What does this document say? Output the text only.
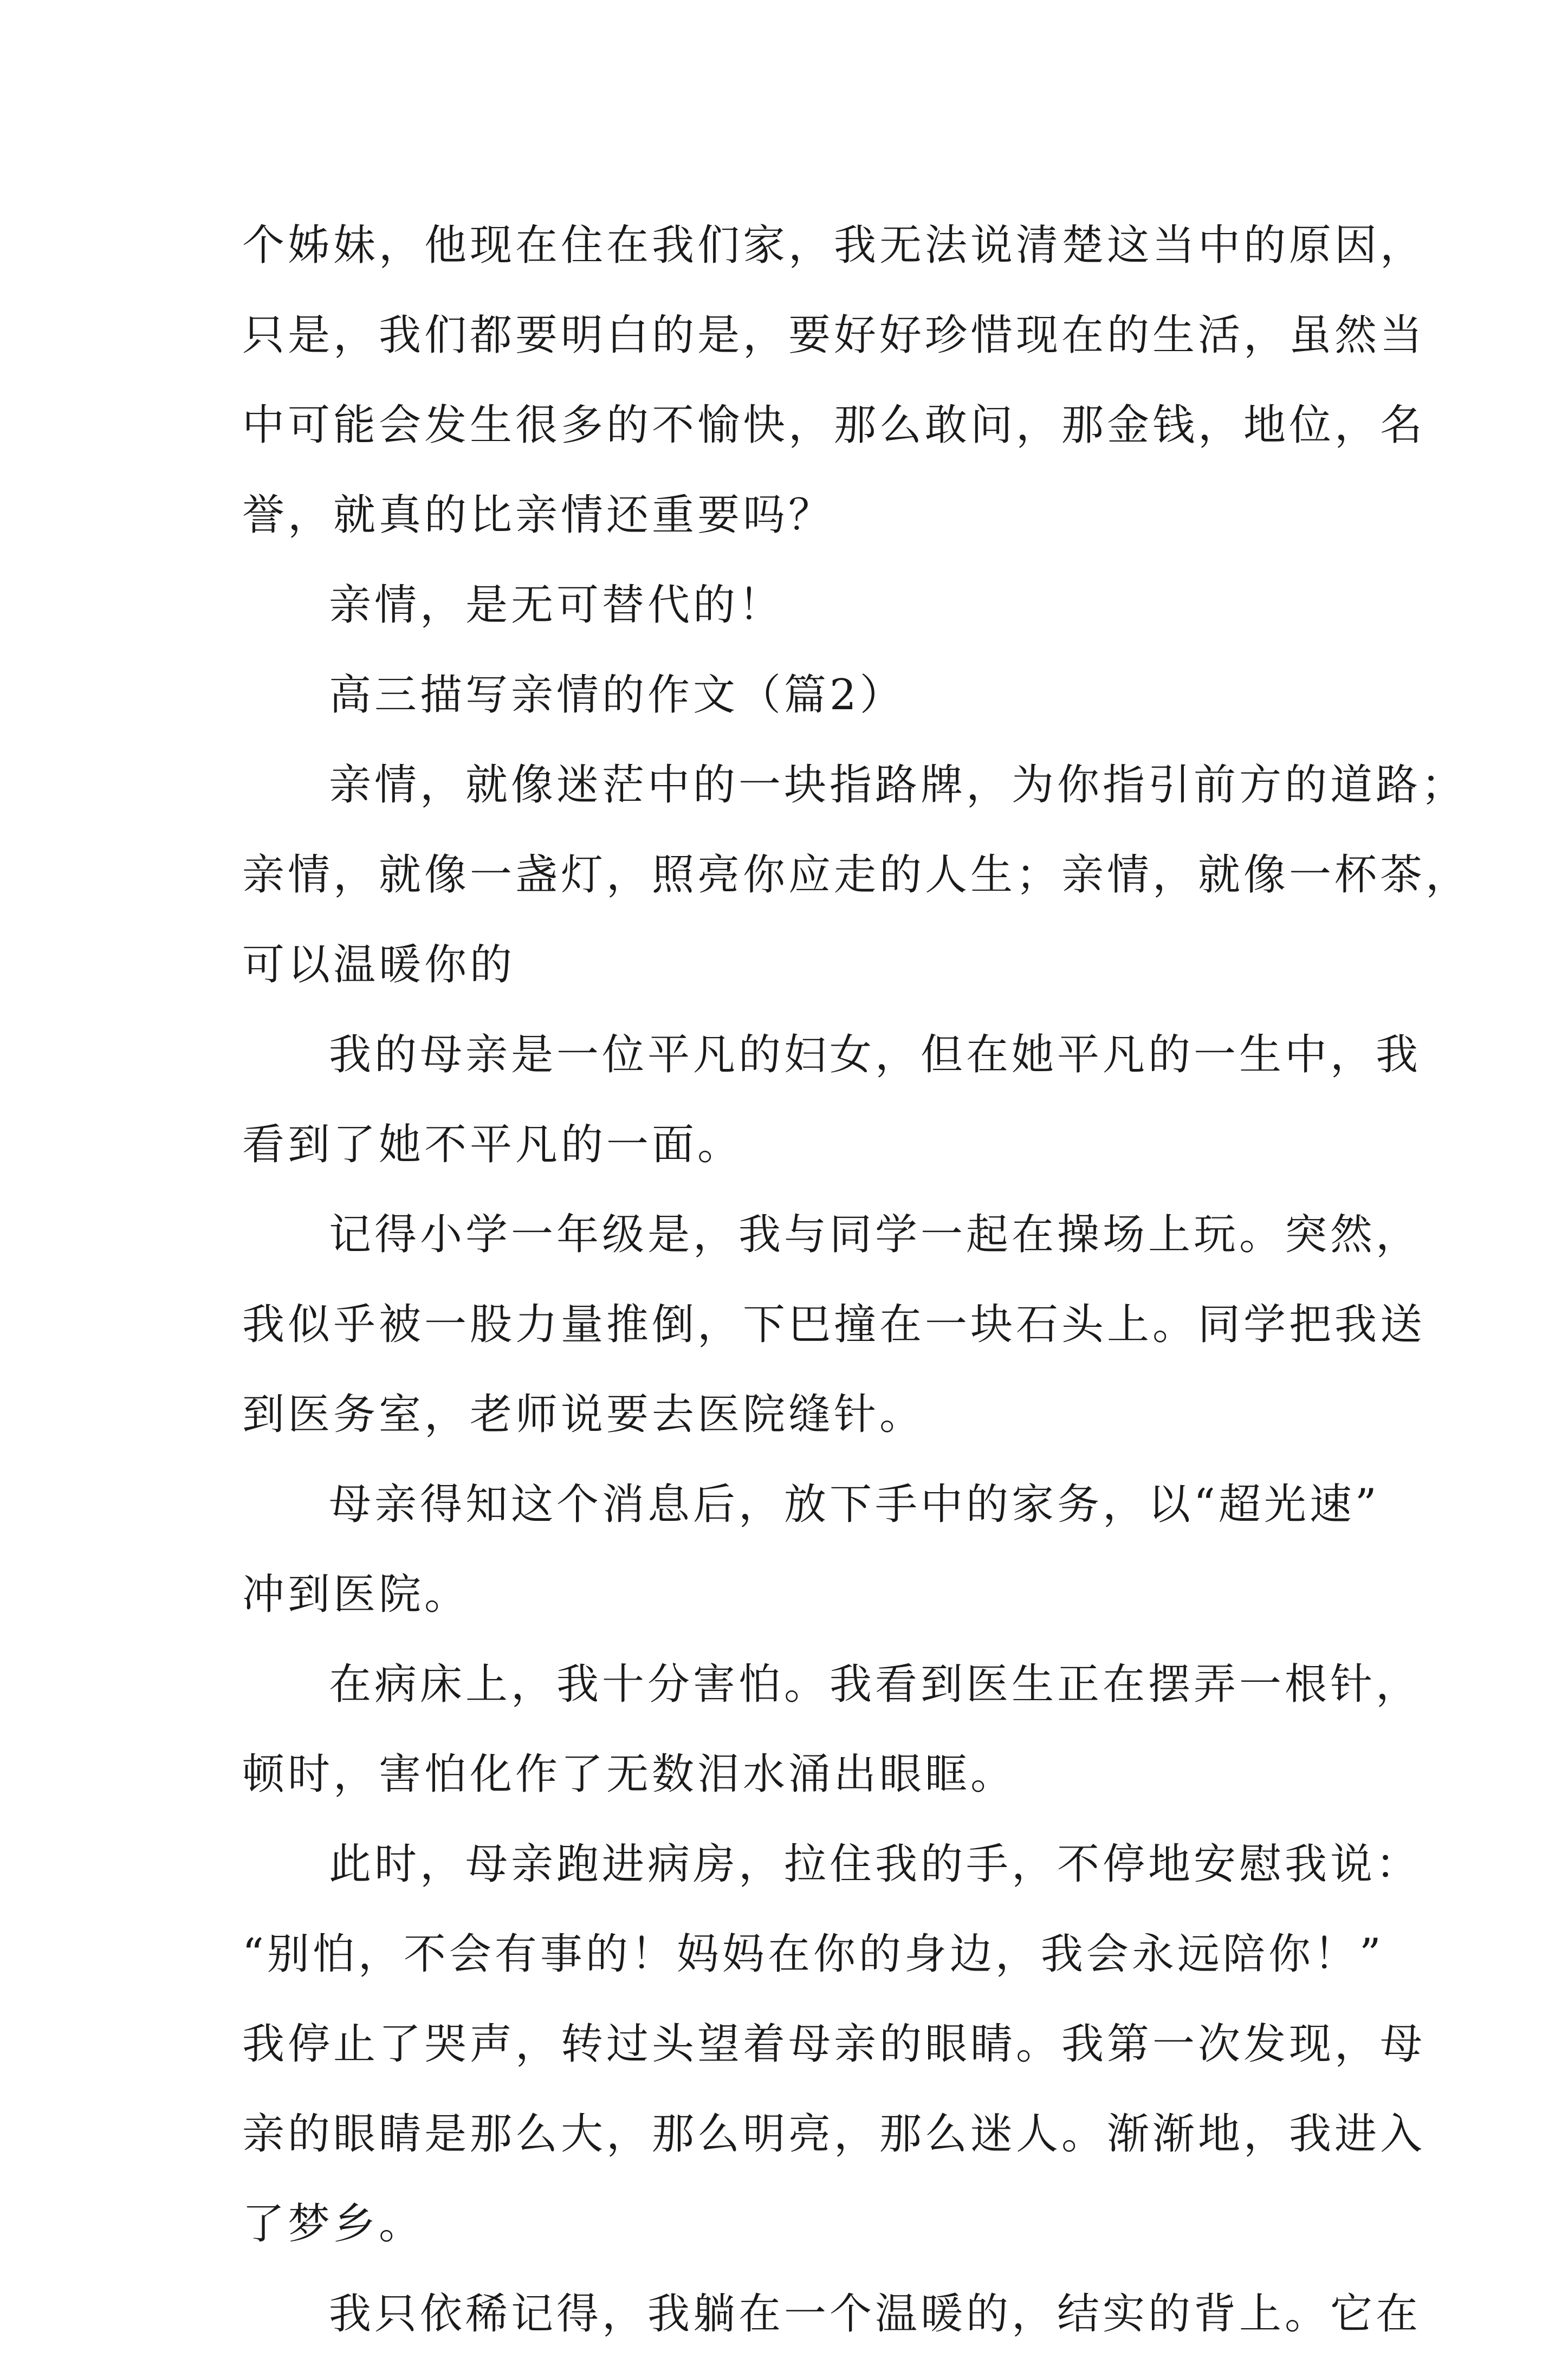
个姊妹，他现在住在我们家，我无法说清楚这当中的原因，

只是，我们都要明白的是，要好好珍惜现在的生活，虽然当

中可能会发生很多的不愉快，那么敢问，那金钱，地位，名

誉，就真的比亲情还重要吗？

亲情，是无可替代的！

高三描写亲情的作文（篇2）

亲情，就像迷茫中的一块指路牌，为你指引前方的道路；

亲情，就像一盏灯，照亮你应走的人生；亲情，就像一杯茶，

可以温暖你的

我的母亲是一位平凡的妇女，但在她平凡的一生中，我

看到了她不平凡的一面。

记得小学一年级是，我与同学一起在操场上玩。突然，

我似乎被一股力量推倒，下巴撞在一块石头上。同学把我送

到医务室，老师说要去医院缝针。

母亲得知这个消息后，放下手中的家务，以“超光速”

冲到医院。

在病床上，我十分害怕。我看到医生正在摆弄一根针，

顿时，害怕化作了无数泪水涌出眼眶。

此时，母亲跑进病房，拉住我的手，不停地安慰我说：

“别怕，不会有事的！妈妈在你的身边，我会永远陪你！”

我停止了哭声，转过头望着母亲的眼睛。我第一次发现，母

亲的眼睛是那么大，那么明亮，那么迷人。渐渐地，我进入

了梦乡。

我只依稀记得，我躺在一个温暖的，结实的背上。它在
